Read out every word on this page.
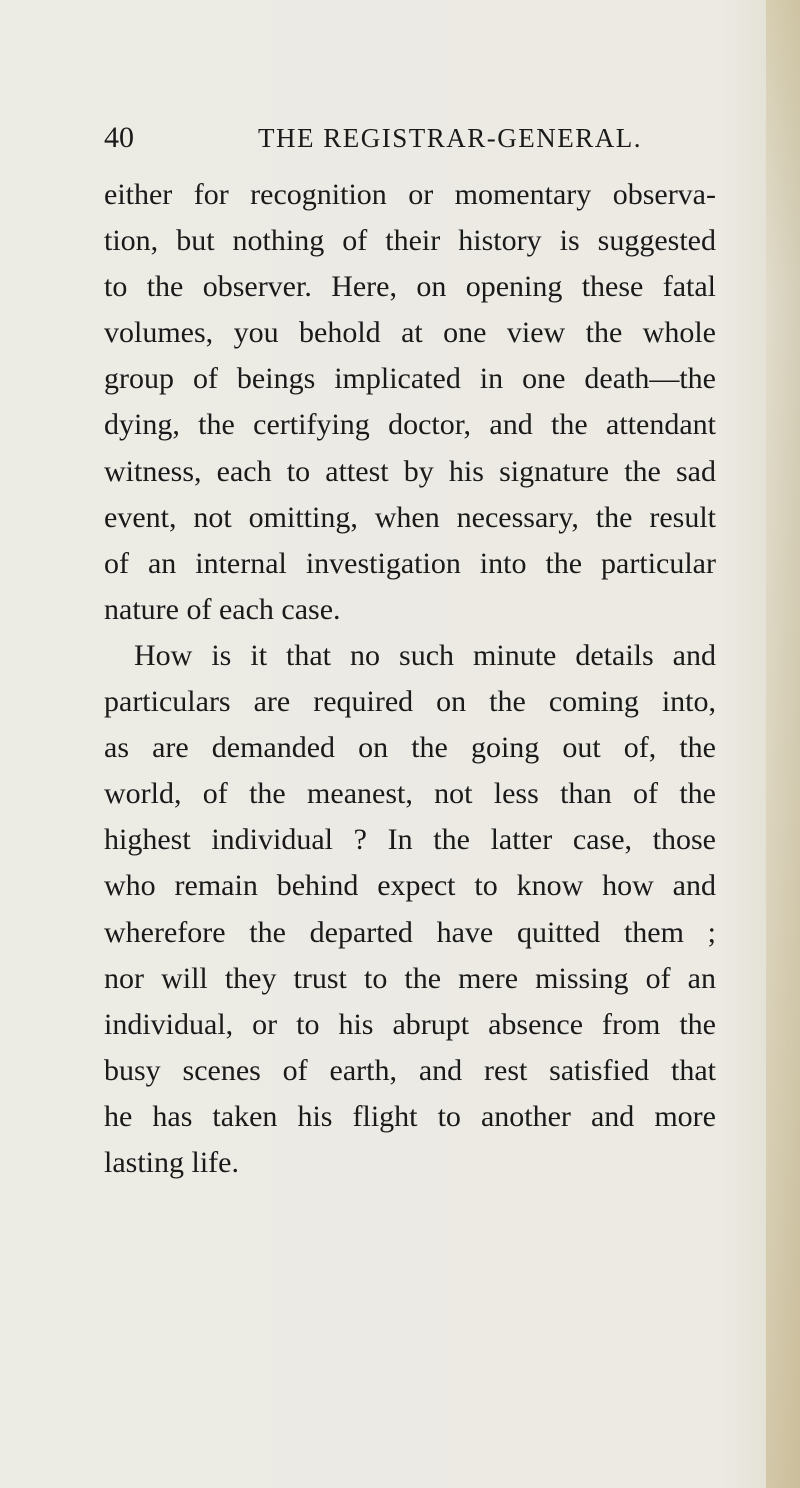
40	THE REGISTRAR-GENERAL.
either for recognition or momentary observa-
tion, but nothing of their history is suggested
to the observer. Here, on opening these fatal
volumes, you behold at one view the whole
group of beings implicated in one death—the
dying, the certifying doctor, and the attendant
witness, each to attest by his signature the sad
event, not omitting, when necessary, the result
of an internal investigation into the particular
nature of each case.
How is it that no such minute details and
particulars are required on the coming into,
as are demanded on the going out of, the
world, of the meanest, not less than of the
highest individual ? In the latter case, those
who remain behind expect to know how and
wherefore the departed have quitted them ;
nor will they trust to the mere missing of an
individual, or to his abrupt absence from the
busy scenes of earth, and rest satisfied that
he has taken his flight to another and more
lasting life.
